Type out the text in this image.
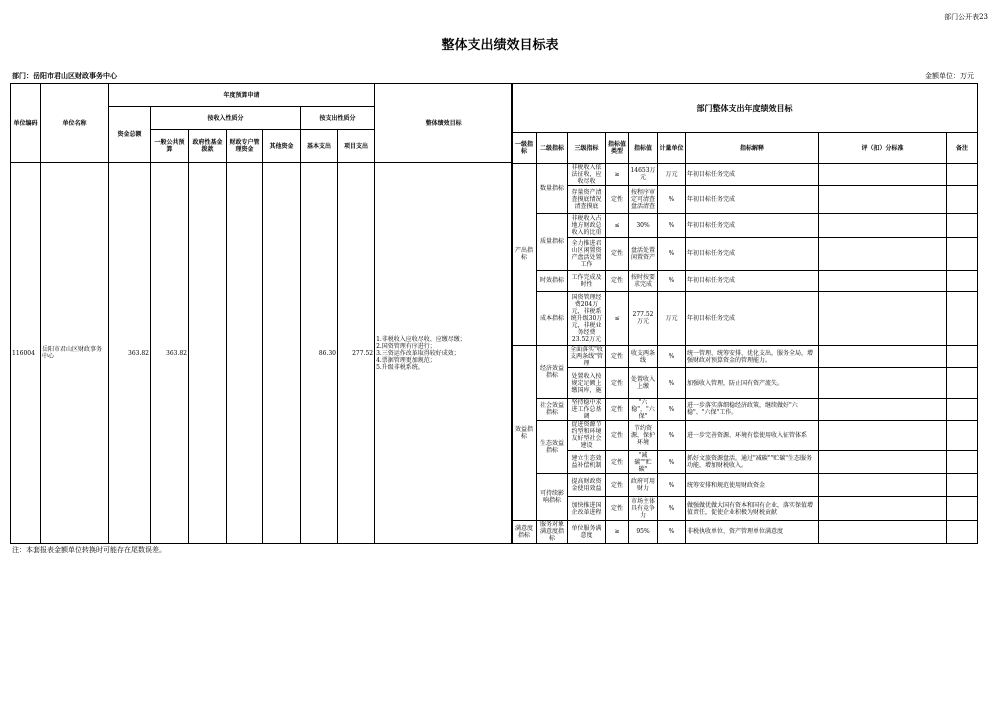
部门公开表23
整体支出绩效目标表
部门：岳阳市君山区财政事务中心	金额单位：万元
单位编码	单位名称	年度预算申请							整体绩效目标
		资金总额	按收入性质分				按支出性质分		
			一般公共预算	政府性基金拨款	财政专户管理资金	其他资金	基本支出	项目支出	
116004	岳阳市君山区财政事务中心	363.82	363.82				86.30	277.52	1.非税收入应收尽收、应缴尽缴；
2.国资管理有序进行；
3.三资运作改革取得较好成效；
4.票据管理更加规范；
5.升级非税系统。
部门整体支出年度绩效目标								
一级指标	二级指标	三级指标	指标值类型	指标值	计量单位	指标解释	评（扣）分标准	备注
产出指标	数量指标	非税收入依法征收，应收尽收	≥	14653万元	万元	年初目标任务完成		
		存量资产清查摸底情况清查摸底	定性	按程序审定可清查盘活清查	%	年初目标任务完成		
	质量指标	非税收入占地方财政总收入的比重	≤	30%	%	年初目标任务完成		
		全力推进君山区闲置资产盘活处置工作	定性	盘活处置闲置资产	%	年初目标任务完成		
	时效指标	工作完成及时性	定性	按时按要求完成	%	年初目标任务完成		
	成本指标	国资管理经费204万元，非税系统升级30万元，非税业务经费23.52万元	≤	277.52万元	万元	年初目标任务完成		
效益指标	经济效益指标	全面落实"收支两条线"管理	定性	收支两条线	%	统一管理、统筹安排、优化支出，服务全局，增强财政对预算资金的管理能力。		
		处置收入按规定足额上缴国库，施	定性	处置收入上缴	%	加强收入管理，防止国有资产流失。		
	社会效益指标	坚持稳中求进工作总基调	定性	"六稳"、"六保"	%	进一步落实落细稳经济政策，继续做好"六稳"、"六保"工作。		
	生态效益指标	促进资源节约型和环境友好型社会建设	定性	节约资源，保护环境	%	进一步完善资源、环境有偿使用收入征管体系		
		建立生态效益补偿机制	定性	"减碳""贮碳"	%	抓好文旅资源盘活，通过"减碳""贮碳"生态服务功能，增加财税收入。		
	可持续影响指标	提高财政资金使用效益	定性	政府可用财力	%	统筹安排和规范使用财政资金		
		加快推进国企改革进程	定性	市场主体具有竞争力	%	做强做优做大国有资本和国有企业，落实保值增值责任，促使企业积极为财税贡献		
满意度指标	服务对象满意度指标	单位服务满意度	≥	95%	%	非税执收单位、资产管理单位满意度		
注：本套报表金额单位转换时可能存在尾数误差。
